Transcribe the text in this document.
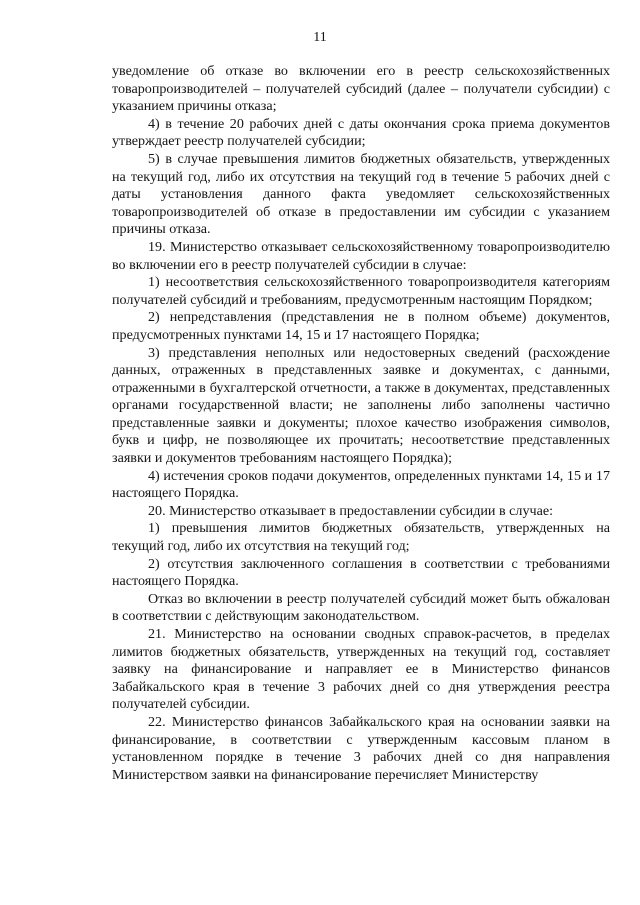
11

уведомление об отказе во включении его в реестр сельскохозяйственных товаропроизводителей – получателей субсидий (далее – получатели субсидии) с указанием причины отказа;

4) в течение 20 рабочих дней с даты окончания срока приема документов утверждает реестр получателей субсидии;

5) в случае превышения лимитов бюджетных обязательств, утвержденных на текущий год, либо их отсутствия на текущий год в течение 5 рабочих дней с даты установления данного факта уведомляет сельскохозяйственных товаропроизводителей об отказе в предоставлении им субсидии с указанием причины отказа.

19. Министерство отказывает сельскохозяйственному товаропроизводителю во включении его в реестр получателей субсидии в случае:

1) несоответствия сельскохозяйственного товаропроизводителя категориям получателей субсидий и требованиям, предусмотренным настоящим Порядком;

2) непредставления (представления не в полном объеме) документов, предусмотренных пунктами 14, 15 и 17 настоящего Порядка;

3) представления неполных или недостоверных сведений (расхождение данных, отраженных в представленных заявке и документах, с данными, отраженными в бухгалтерской отчетности, а также в документах, представленных органами государственной власти; не заполнены либо заполнены частично представленные заявки и документы; плохое качество изображения символов, букв и цифр, не позволяющее их прочитать; несоответствие представленных заявки и документов требованиям настоящего Порядка);

4) истечения сроков подачи документов, определенных пунктами 14, 15 и 17 настоящего Порядка.

20. Министерство отказывает в предоставлении субсидии в случае:

1) превышения лимитов бюджетных обязательств, утвержденных на текущий год, либо их отсутствия на текущий год;

2) отсутствия заключенного соглашения в соответствии с требованиями настоящего Порядка.

Отказ во включении в реестр получателей субсидий может быть обжалован в соответствии с действующим законодательством.

21. Министерство на основании сводных справок-расчетов, в пределах лимитов бюджетных обязательств, утвержденных на текущий год, составляет заявку на финансирование и направляет ее в Министерство финансов Забайкальского края в течение 3 рабочих дней со дня утверждения реестра получателей субсидии.

22. Министерство финансов Забайкальского края на основании заявки на финансирование, в соответствии с утвержденным кассовым планом в установленном порядке в течение 3 рабочих дней со дня направления Министерством заявки на финансирование перечисляет Министерству
